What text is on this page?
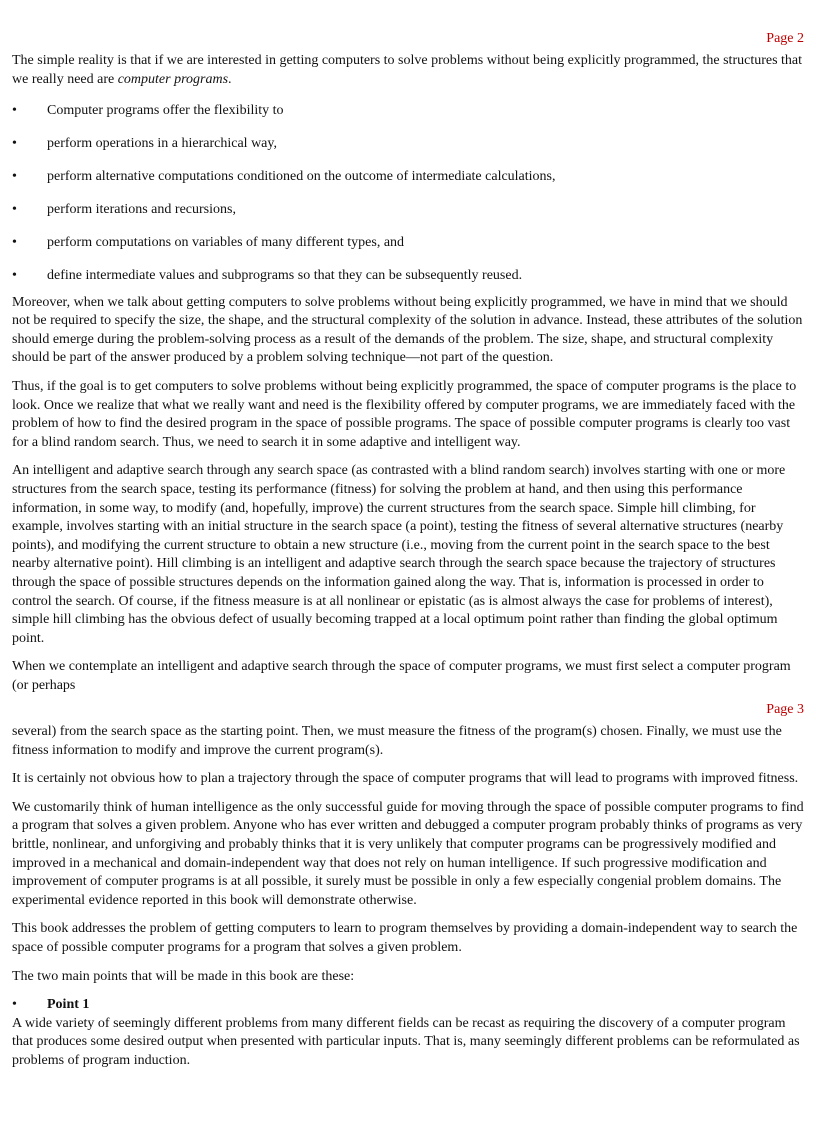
Page 2

The simple reality is that if we are interested in getting computers to solve problems without being explicitly programmed, the structures that we really need are computer programs.

• Computer programs offer the flexibility to
• perform operations in a hierarchical way,
• perform alternative computations conditioned on the outcome of intermediate calculations,
• perform iterations and recursions,
• perform computations on variables of many different types, and
• define intermediate values and subprograms so that they can be subsequently reused.

Moreover, when we talk about getting computers to solve problems without being explicitly programmed, we have in mind that we should not be required to specify the size, the shape, and the structural complexity of the solution in advance. Instead, these attributes of the solution should emerge during the problem-solving process as a result of the demands of the problem. The size, shape, and structural complexity should be part of the answer produced by a problem solving technique—not part of the question.

Thus, if the goal is to get computers to solve problems without being explicitly programmed, the space of computer programs is the place to look. Once we realize that what we really want and need is the flexibility offered by computer programs, we are immediately faced with the problem of how to find the desired program in the space of possible programs. The space of possible computer programs is clearly too vast for a blind random search. Thus, we need to search it in some adaptive and intelligent way.

An intelligent and adaptive search through any search space (as contrasted with a blind random search) involves starting with one or more structures from the search space, testing its performance (fitness) for solving the problem at hand, and then using this performance information, in some way, to modify (and, hopefully, improve) the current structures from the search space. Simple hill climbing, for example, involves starting with an initial structure in the search space (a point), testing the fitness of several alternative structures (nearby points), and modifying the current structure to obtain a new structure (i.e., moving from the current point in the search space to the best nearby alternative point). Hill climbing is an intelligent and adaptive search through the search space because the trajectory of structures through the space of possible structures depends on the information gained along the way. That is, information is processed in order to control the search. Of course, if the fitness measure is at all nonlinear or epistatic (as is almost always the case for problems of interest), simple hill climbing has the obvious defect of usually becoming trapped at a local optimum point rather than finding the global optimum point.

When we contemplate an intelligent and adaptive search through the space of computer programs, we must first select a computer program (or perhaps

Page 3

several) from the search space as the starting point. Then, we must measure the fitness of the program(s) chosen. Finally, we must use the fitness information to modify and improve the current program(s).

It is certainly not obvious how to plan a trajectory through the space of computer programs that will lead to programs with improved fitness.

We customarily think of human intelligence as the only successful guide for moving through the space of possible computer programs to find a program that solves a given problem. Anyone who has ever written and debugged a computer program probably thinks of programs as very brittle, nonlinear, and unforgiving and probably thinks that it is very unlikely that computer programs can be progressively modified and improved in a mechanical and domain-independent way that does not rely on human intelligence. If such progressive modification and improvement of computer programs is at all possible, it surely must be possible in only a few especially congenial problem domains. The experimental evidence reported in this book will demonstrate otherwise.

This book addresses the problem of getting computers to learn to program themselves by providing a domain-independent way to search the space of possible computer programs for a program that solves a given problem.

The two main points that will be made in this book are these:

• Point 1

A wide variety of seemingly different problems from many different fields can be recast as requiring the discovery of a computer program that produces some desired output when presented with particular inputs. That is, many seemingly different problems can be reformulated as problems of program induction.
